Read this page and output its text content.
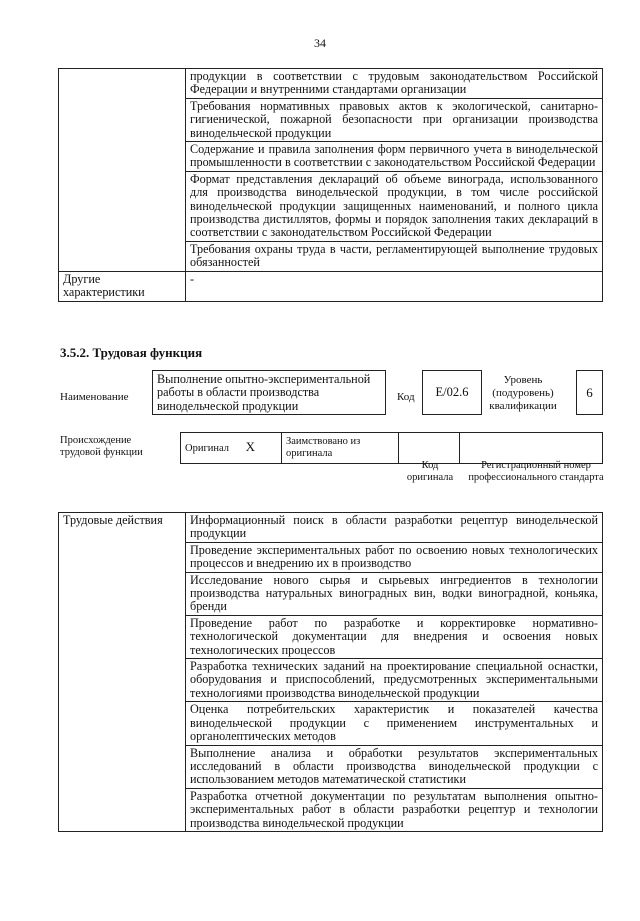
34
	продукции в соответствии с трудовым законодательством Российской Федерации и внутренними стандартами организации
	Требования нормативных правовых актов к экологической, санитарно-гигиенической, пожарной безопасности при организации производства винодельческой продукции
	Содержание и правила заполнения форм первичного учета в винодельческой промышленности в соответствии с законодательством Российской Федерации
	Формат представления деклараций об объеме винограда, использованного для производства винодельческой продукции, в том числе российской винодельческой продукции защищенных наименований, и полного цикла производства дистиллятов, формы и порядок заполнения таких деклараций в соответствии с законодательством Российской Федерации
	Требования охраны труда в части, регламентирующей выполнение трудовых обязанностей
Другие характеристики	-
3.5.2. Трудовая функция
Наименование
Выполнение опытно-экспериментальной работы в области производства винодельческой продукции
Код	E/02.6
Уровень (подуровень) квалификации
6
Происхождение трудовой функции	Оригинал X	Заимствовано из оригинала		
Код оригинала
Регистрационный номер профессионального стандарта
Трудовые действия	Информационный поиск в области разработки рецептур винодельческой продукции
Проведение экспериментальных работ по освоению новых технологических процессов и внедрению их в производство
Исследование нового сырья и сырьевых ингредиентов в технологии производства натуральных виноградных вин, водки виноградной, коньяка, бренди
Проведение работ по разработке и корректировке нормативно-технологической документации для внедрения и освоения новых технологических процессов
Разработка технических заданий на проектирование специальной оснастки, оборудования и приспособлений, предусмотренных экспериментальными технологиями производства винодельческой продукции
Оценка потребительских характеристик и показателей качества винодельческой продукции с применением инструментальных и органолептических методов
Выполнение анализа и обработки результатов экспериментальных исследований в области производства винодельческой продукции с использованием методов математической статистики
Разработка отчетной документации по результатам выполнения опытно-экспериментальных работ в области разработки рецептур и технологии производства винодельческой продукции
